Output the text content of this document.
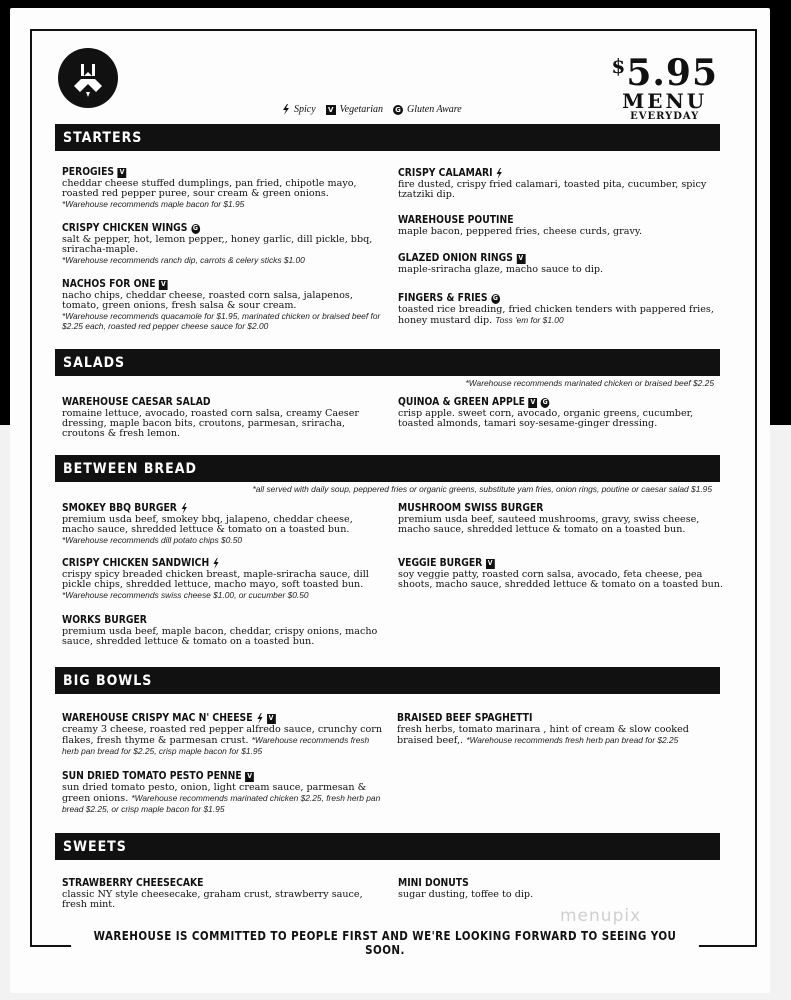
$5.95
MENU
EVERYDAY
Spicy	V Vegetarian	G Gluten Aware
STARTERS
PEROGIES V
cheddar cheese stuffed dumplings, pan fried, chipotle mayo, roasted red pepper puree, sour cream & green onions.
*Warehouse recommends maple bacon for $1.95
CRISPY CHICKEN WINGS G
salt & pepper, hot, lemon pepper,, honey garlic, dill pickle, bbq, sriracha-maple.
*Warehouse recommends ranch dip, carrots & celery sticks $1.00
NACHOS FOR ONE V
nacho chips, cheddar cheese, roasted corn salsa, jalapenos, tomato, green onions, fresh salsa & sour cream.
*Warehouse recommends quacamole for $1.95, marinated chicken or braised beef for $2.25 each, roasted red pepper cheese sauce for $2.00
CRISPY CALAMARI
fire dusted, crispy fried calamari, toasted pita, cucumber, spicy tzatziki dip.
WAREHOUSE POUTINE
maple bacon, peppered fries, cheese curds, gravy.
GLAZED ONION RINGS V
maple-sriracha glaze, macho sauce to dip.
FINGERS & FRIES G
toasted rice breading, fried chicken tenders with pappered fries, honey mustard dip. Toss 'em for $1.00
SALADS
*Warehouse recommends marinated chicken or braised beef $2.25
WAREHOUSE CAESAR SALAD
romaine lettuce, avocado, roasted corn salsa, creamy Caeser dressing, maple bacon bits, croutons, parmesan, sriracha, croutons & fresh lemon.
QUINOA & GREEN APPLE V G
crisp apple. sweet corn, avocado, organic greens, cucumber, toasted almonds, tamari soy-sesame-ginger dressing.
BETWEEN BREAD
*all served with daily soup, peppered fries or organic greens, substitute yam fries, onion rings, poutine or caesar salad $1.95
SMOKEY BBQ BURGER
premium usda beef, smokey bbq, jalapeno, cheddar cheese, macho sauce, shredded lettuce & tomato on a toasted bun.
*Warehouse recommends dill potato chips $0.50
CRISPY CHICKEN SANDWICH
crispy spicy breaded chicken breast, maple-sriracha sauce, dill pickle chips, shredded lettuce, macho mayo, soft toasted bun. *Warehouse recommends swiss cheese $1.00, or cucumber $0.50
WORKS BURGER
premium usda beef, maple bacon, cheddar, crispy onions, macho sauce, shredded lettuce & tomato on a toasted bun.
MUSHROOM SWISS BURGER
premium usda beef, sauteed mushrooms, gravy, swiss cheese, macho sauce, shredded lettuce & tomato on a toasted bun.
VEGGIE BURGER V
soy veggie patty, roasted corn salsa, avocado, feta cheese, pea shoots, macho sauce, shredded lettuce & tomato on a toasted bun.
BIG BOWLS
WAREHOUSE CRISPY MAC N' CHEESE V
creamy 3 cheese, roasted red pepper alfredo sauce, crunchy corn flakes, fresh thyme & parmesan crust. *Warehouse recommends fresh herb pan bread for $2.25, crisp maple bacon for $1.95
SUN DRIED TOMATO PESTO PENNE V
sun dried tomato pesto, onion, light cream sauce, parmesan & green onions. *Warehouse recommends marinated chicken $2.25, fresh herb pan bread $2.25, or crisp maple bacon for $1.95
BRAISED BEEF SPAGHETTI
fresh herbs, tomato marinara , hint of cream & slow cooked braised beef,. *Warehouse recommends fresh herb pan bread for $2.25
SWEETS
STRAWBERRY CHEESECAKE
classic NY style cheesecake, graham crust, strawberry sauce, fresh mint.
MINI DONUTS
sugar dusting, toffee to dip.
menupix
WAREHOUSE IS COMMITTED TO PEOPLE FIRST AND WE'RE LOOKING FORWARD TO SEEING YOU SOON.
